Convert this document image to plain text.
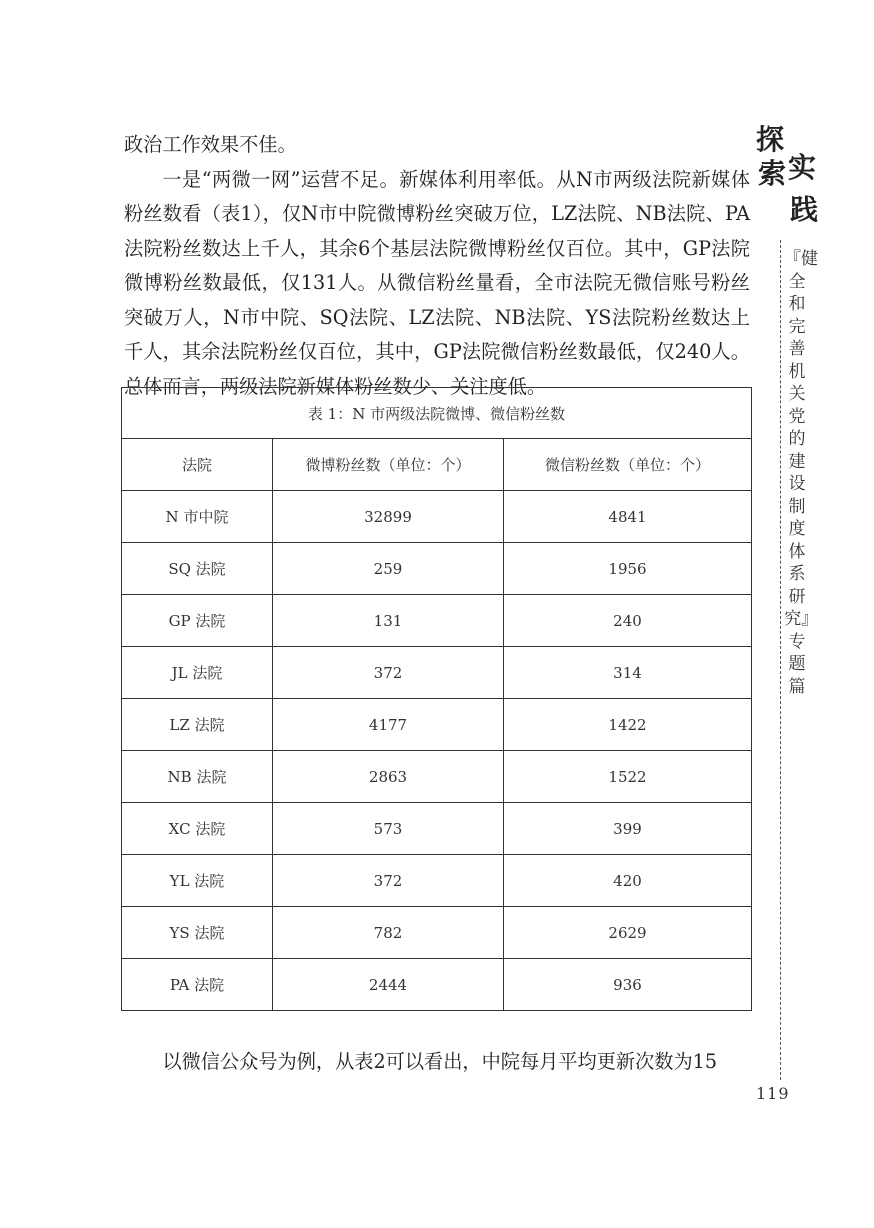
政治工作效果不佳。

一是“两微一网”运营不足。新媒体利用率低。从N市两级法院新媒体粉丝数看（表1），仅N市中院微博粉丝突破万位，LZ法院、NB法院、PA法院粉丝数达上千人，其余6个基层法院微博粉丝仅百位。其中，GP法院微博粉丝数最低，仅131人。从微信粉丝量看，全市法院无微信账号粉丝突破万人，N市中院、SQ法院、LZ法院、NB法院、YS法院粉丝数达上千人，其余法院粉丝仅百位，其中，GP法院微信粉丝数最低，仅240人。总体而言，两级法院新媒体粉丝数少、关注度低。

表 1：N 市两级法院微博、微信粉丝数		
法院	微博粉丝数（单位：个）	微信粉丝数（单位：个）
N 市中院	32899	4841
SQ 法院	259	1956
GP 法院	131	240
JL 法院	372	314
LZ 法院	4177	1422
NB 法院	2863	1522
XC 法院	573	399
YL 法院	372	420
YS 法院	782	2629
PA 法院	2444	936

以微信公众号为例，从表2可以看出，中院每月平均更新次数为15

探
索 实
践
『健全和完善机关党的建设制度体系研究』专题篇
119
